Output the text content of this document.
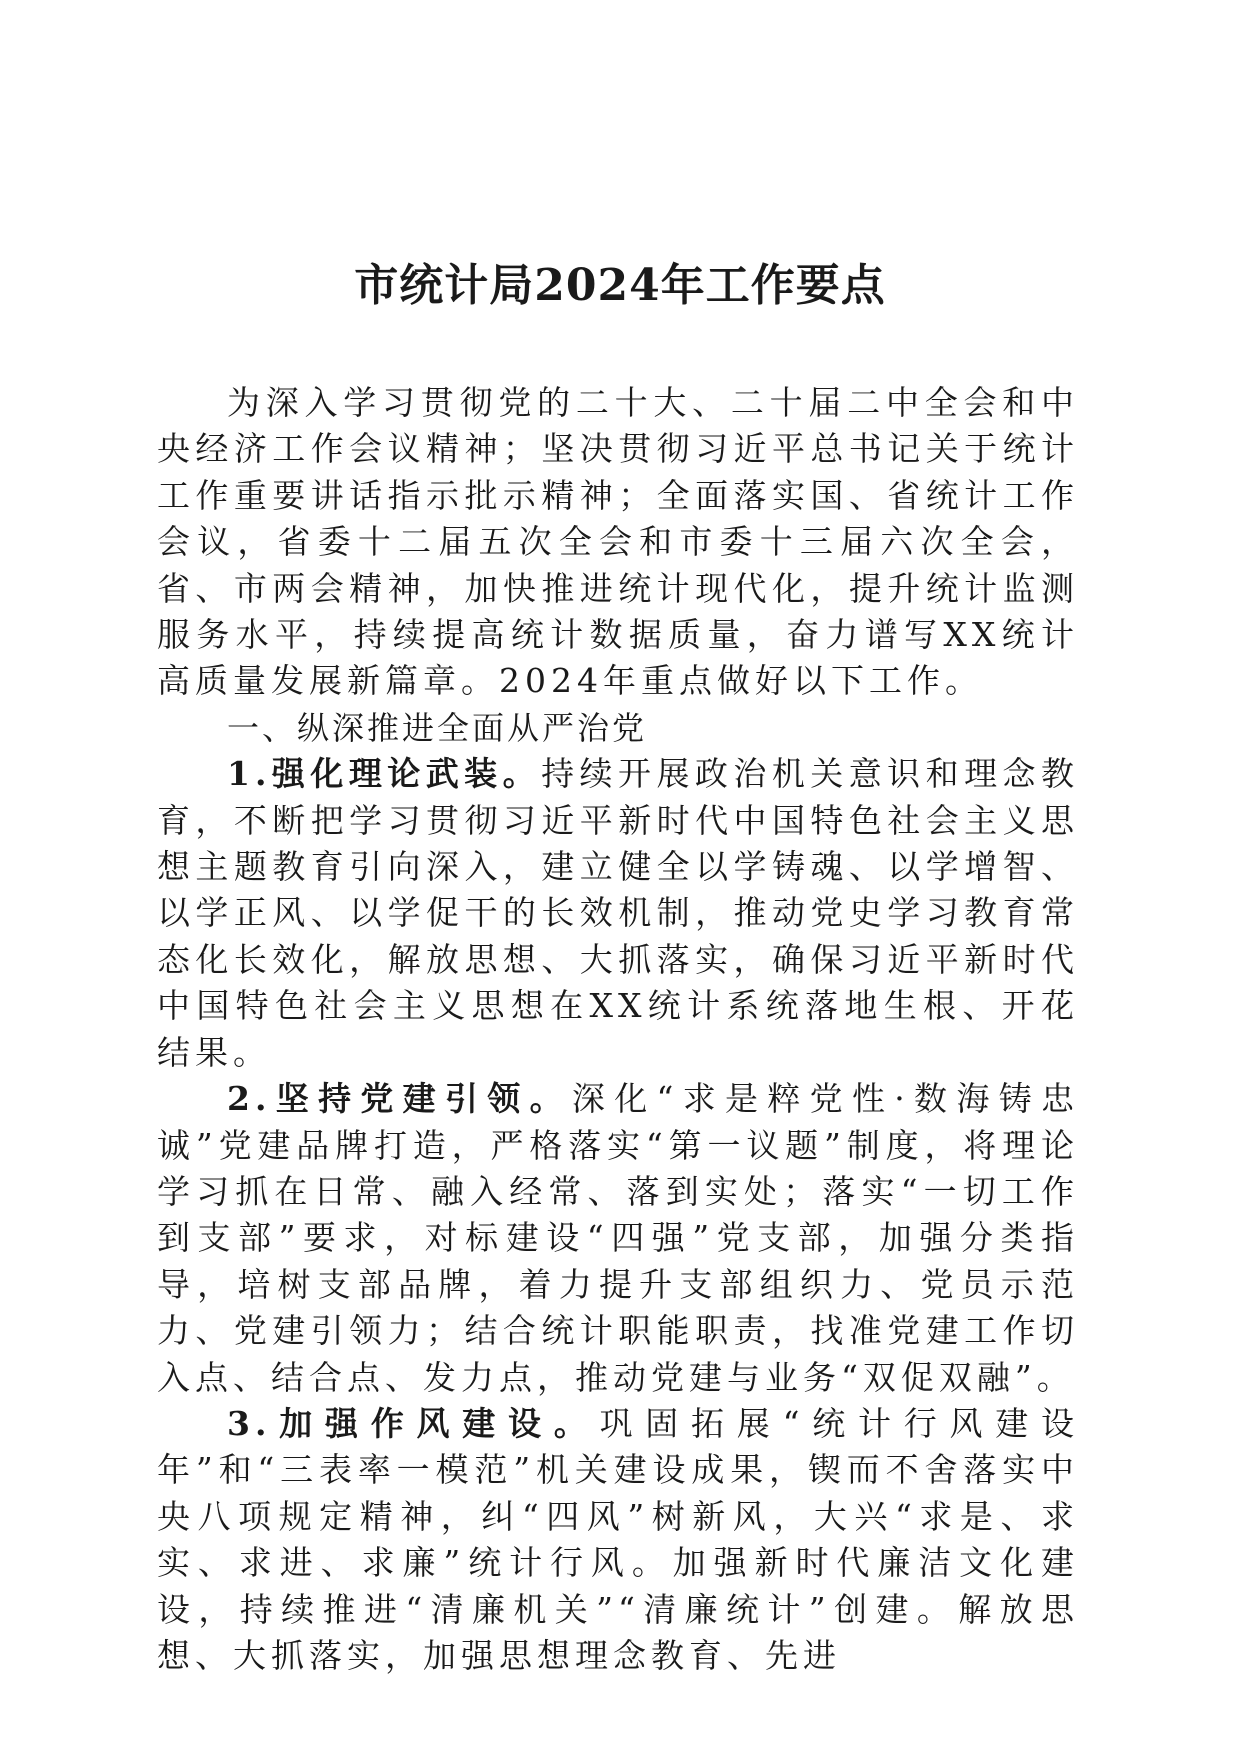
市统计局2024年工作要点

为深入学习贯彻党的二十大、二十届二中全会和中央经济工作会议精神；坚决贯彻习近平总书记关于统计工作重要讲话指示批示精神；全面落实国、省统计工作会议，省委十二届五次全会和市委十三届六次全会，省、市两会精神，加快推进统计现代化，提升统计监测服务水平，持续提高统计数据质量，奋力谱写XX统计高质量发展新篇章。2024年重点做好以下工作。

一、纵深推进全面从严治党

1.强化理论武装。持续开展政治机关意识和理念教育，不断把学习贯彻习近平新时代中国特色社会主义思想主题教育引向深入，建立健全以学铸魂、以学增智、以学正风、以学促干的长效机制，推动党史学习教育常态化长效化，解放思想、大抓落实，确保习近平新时代中国特色社会主义思想在XX统计系统落地生根、开花结果。

2.坚持党建引领。深化“求是粹党性·数海铸忠诚”党建品牌打造，严格落实“第一议题”制度，将理论学习抓在日常、融入经常、落到实处；落实“一切工作到支部”要求，对标建设“四强”党支部，加强分类指导，培树支部品牌，着力提升支部组织力、党员示范力、党建引领力；结合统计职能职责，找准党建工作切入点、结合点、发力点，推动党建与业务“双促双融”。

3.加强作风建设。巩固拓展“统计行风建设年”和“三表率一模范”机关建设成果，锲而不舍落实中央八项规定精神，纠“四风”树新风，大兴“求是、求实、求进、求廉”统计行风。加强新时代廉洁文化建设，持续推进“清廉机关”“清廉统计”创建。解放思想、大抓落实，加强思想理念教育、先进
